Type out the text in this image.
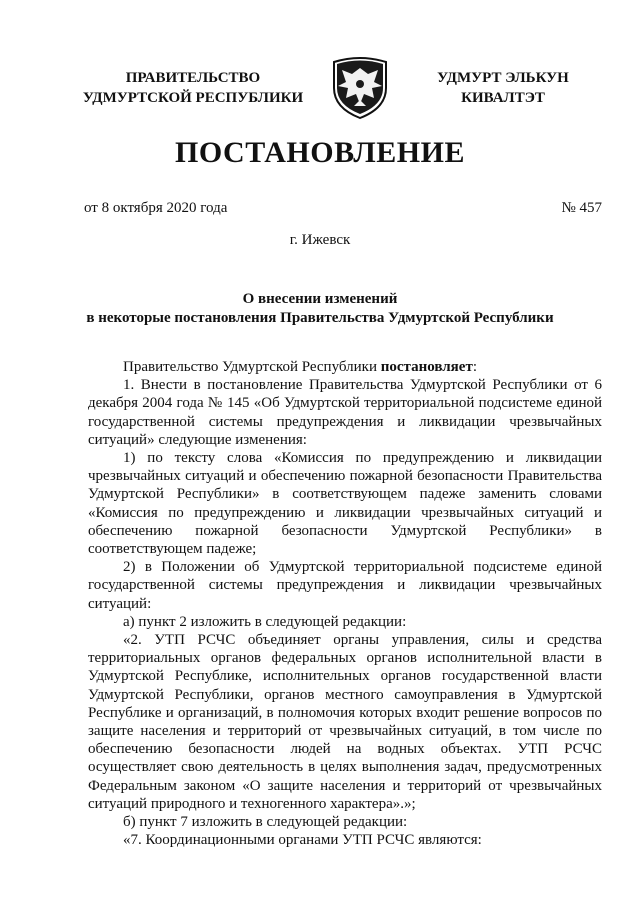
ПРАВИТЕЛЬСТВО
УДМУРТСКОЙ РЕСПУБЛИКИ
УДМУРТ ЭЛЬКУН
КИВАЛТЭТ
ПОСТАНОВЛЕНИЕ
от 8 октября 2020 года	№ 457
г. Ижевск
О внесении изменений
в некоторые постановления Правительства Удмуртской Республики
Правительство Удмуртской Республики постановляет:

1. Внести в постановление Правительства Удмуртской Республики от 6 декабря 2004 года № 145 «Об Удмуртской территориальной подсистеме единой государственной системы предупреждения и ликвидации чрезвычайных ситуаций» следующие изменения:

1) по тексту слова «Комиссия по предупреждению и ликвидации чрезвычайных ситуаций и обеспечению пожарной безопасности Правительства Удмуртской Республики» в соответствующем падеже заменить словами «Комиссия по предупреждению и ликвидации чрезвычайных ситуаций и обеспечению пожарной безопасности Удмуртской Республики» в соответствующем падеже;

2) в Положении об Удмуртской территориальной подсистеме единой государственной системы предупреждения и ликвидации чрезвычайных ситуаций:

а) пункт 2 изложить в следующей редакции:

«2. УТП РСЧС объединяет органы управления, силы и средства территориальных органов федеральных органов исполнительной власти в Удмуртской Республике, исполнительных органов государственной власти Удмуртской Республики, органов местного самоуправления в Удмуртской Республике и организаций, в полномочия которых входит решение вопросов по защите населения и территорий от чрезвычайных ситуаций, в том числе по обеспечению безопасности людей на водных объектах. УТП РСЧС осуществляет свою деятельность в целях выполнения задач, предусмотренных Федеральным законом «О защите населения и территорий от чрезвычайных ситуаций природного и техногенного характера».»;

б) пункт 7 изложить в следующей редакции:

«7. Координационными органами УТП РСЧС являются:
